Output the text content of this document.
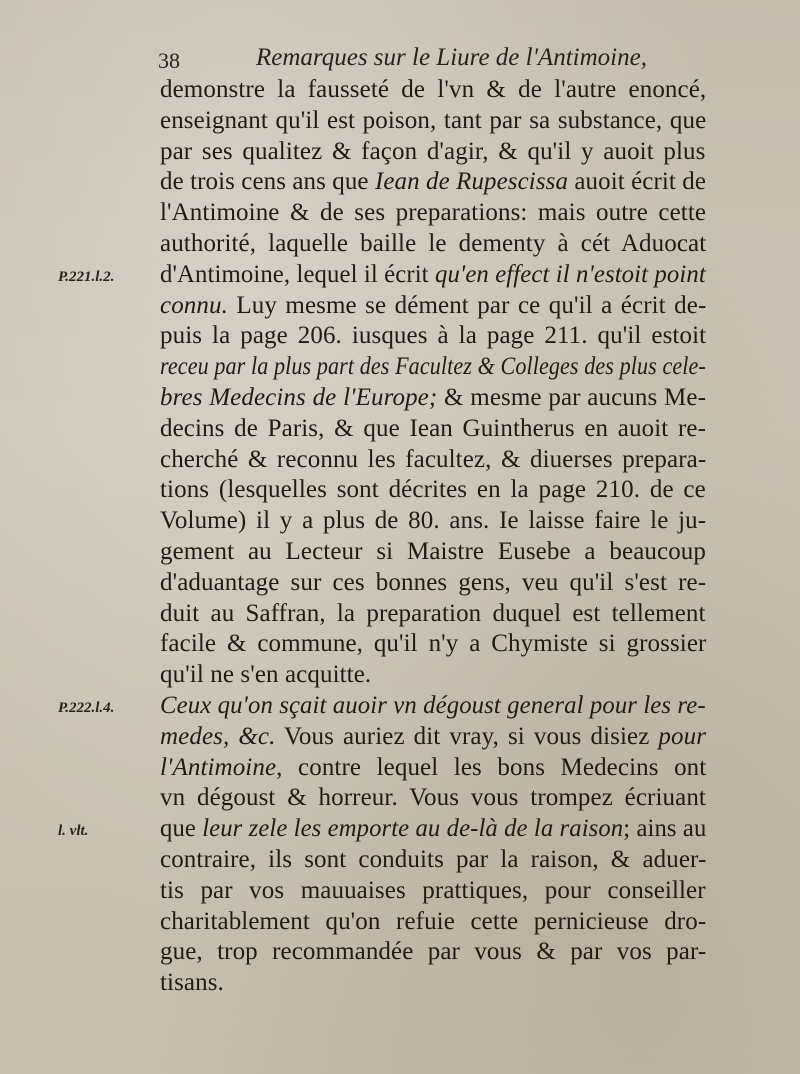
38	Remarques sur le Liure de l'Antimoine,
demonstre la fausseté de l'vn & de l'autre enoncé,
enseignant qu'il est poison, tant par sa substance, que
par ses qualitez & façon d'agir, & qu'il y auoit plus
de trois cens ans que Iean de Rupescissa auoit écrit de
l'Antimoine & de ses preparations: mais outre cette
authorité, laquelle baille le dementy à cét Aduocat
d'Antimoine, lequel il écrit qu'en effect il n'estoit point
connu. Luy mesme se dément par ce qu'il a écrit de-
puis la page 206. iusques à la page 211. qu'il estoit
receu par la plus part des Facultez & Colleges des plus cele-
bres Medecins de l'Europe; & mesme par aucuns Me-
decins de Paris, & que Iean Guintherus en auoit re-
cherché & reconnu les facultez, & diuerses prepara-
tions (lesquelles sont décrites en la page 210. de ce
Volume) il y a plus de 80. ans. Ie laisse faire le ju-
gement au Lecteur si Maistre Eusebe a beaucoup
d'aduantage sur ces bonnes gens, veu qu'il s'est re-
duit au Saffran, la preparation duquel est tellement
facile & commune, qu'il n'y a Chymiste si grossier
qu'il ne s'en acquitte.
Ceux qu'on sçait auoir vn dégoust general pour les re-
medes, &c. Vous auriez dit vray, si vous disiez pour
l'Antimoine, contre lequel les bons Medecins ont
vn dégoust & horreur. Vous vous trompez écriuant
que leur zele les emporte au de-là de la raison; ains au
contraire, ils sont conduits par la raison, & aduer-
tis par vos mauuaises prattiques, pour conseiller
charitablement qu'on refuie cette pernicieuse dro-
gue, trop recommandée par vous & par vos par-
tisans.
P.221.l.2.
P.222.l.4.
l. vlt.
